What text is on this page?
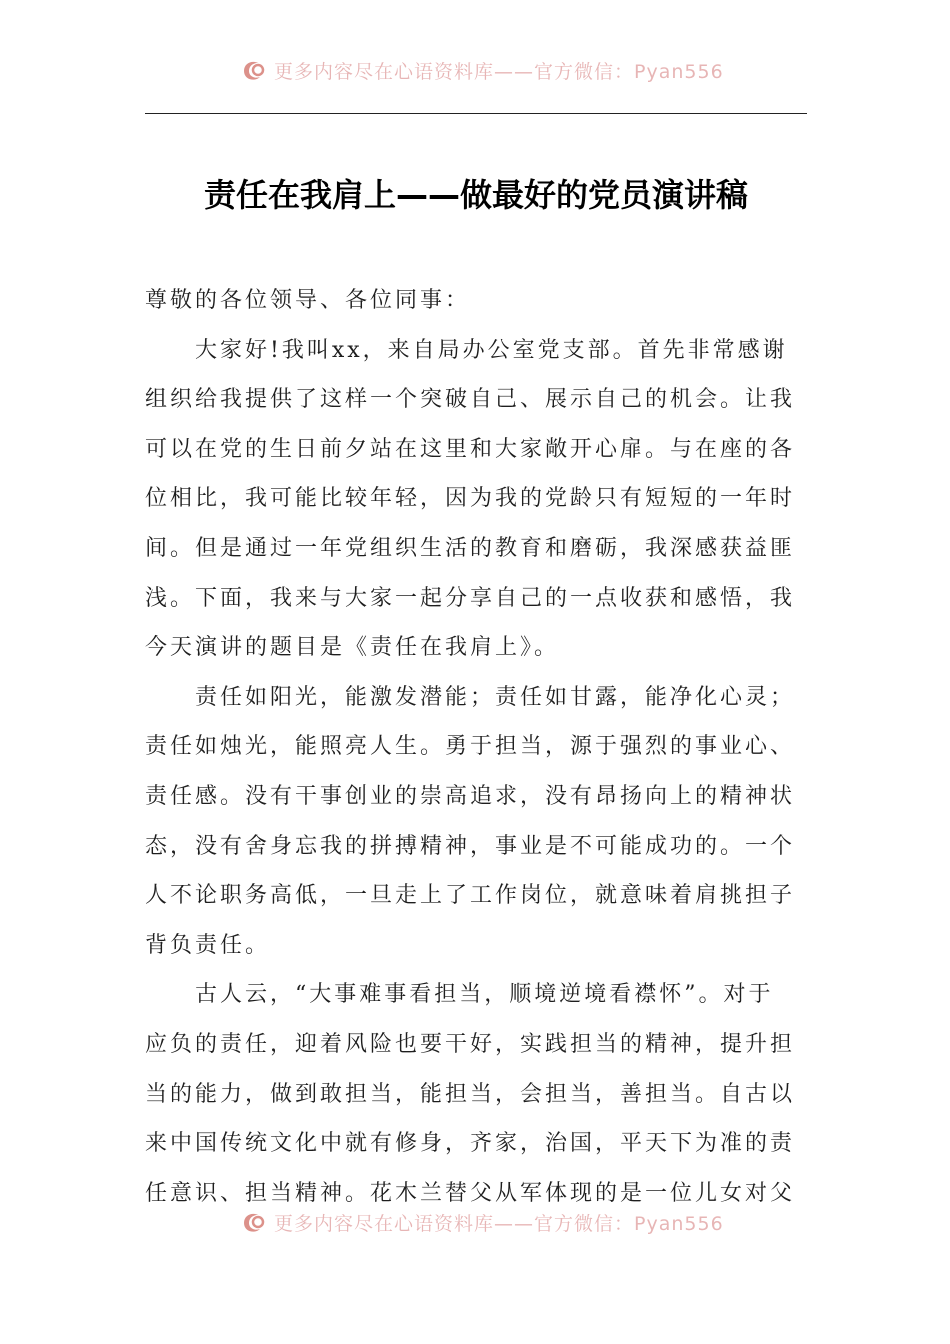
更多内容尽在心语资料库——官方微信：Pyan556
责任在我肩上——做最好的党员演讲稿

尊敬的各位领导、各位同事：

大家好!我叫xx，来自局办公室党支部。首先非常感谢
组织给我提供了这样一个突破自己、展示自己的机会。让我
可以在党的生日前夕站在这里和大家敞开心扉。与在座的各
位相比，我可能比较年轻，因为我的党龄只有短短的一年时
间。但是通过一年党组织生活的教育和磨砺，我深感获益匪
浅。下面，我来与大家一起分享自己的一点收获和感悟，我
今天演讲的题目是《责任在我肩上》。

责任如阳光，能激发潜能；责任如甘露，能净化心灵；
责任如烛光，能照亮人生。勇于担当，源于强烈的事业心、
责任感。没有干事创业的崇高追求，没有昂扬向上的精神状
态，没有舍身忘我的拼搏精神，事业是不可能成功的。一个
人不论职务高低，一旦走上了工作岗位，就意味着肩挑担子
背负责任。

古人云，“大事难事看担当，顺境逆境看襟怀”。对于
应负的责任，迎着风险也要干好，实践担当的精神，提升担
当的能力，做到敢担当，能担当，会担当，善担当。自古以
来中国传统文化中就有修身，齐家，治国，平天下为准的责
任意识、担当精神。花木兰替父从军体现的是一位儿女对父

更多内容尽在心语资料库——官方微信：Pyan556
